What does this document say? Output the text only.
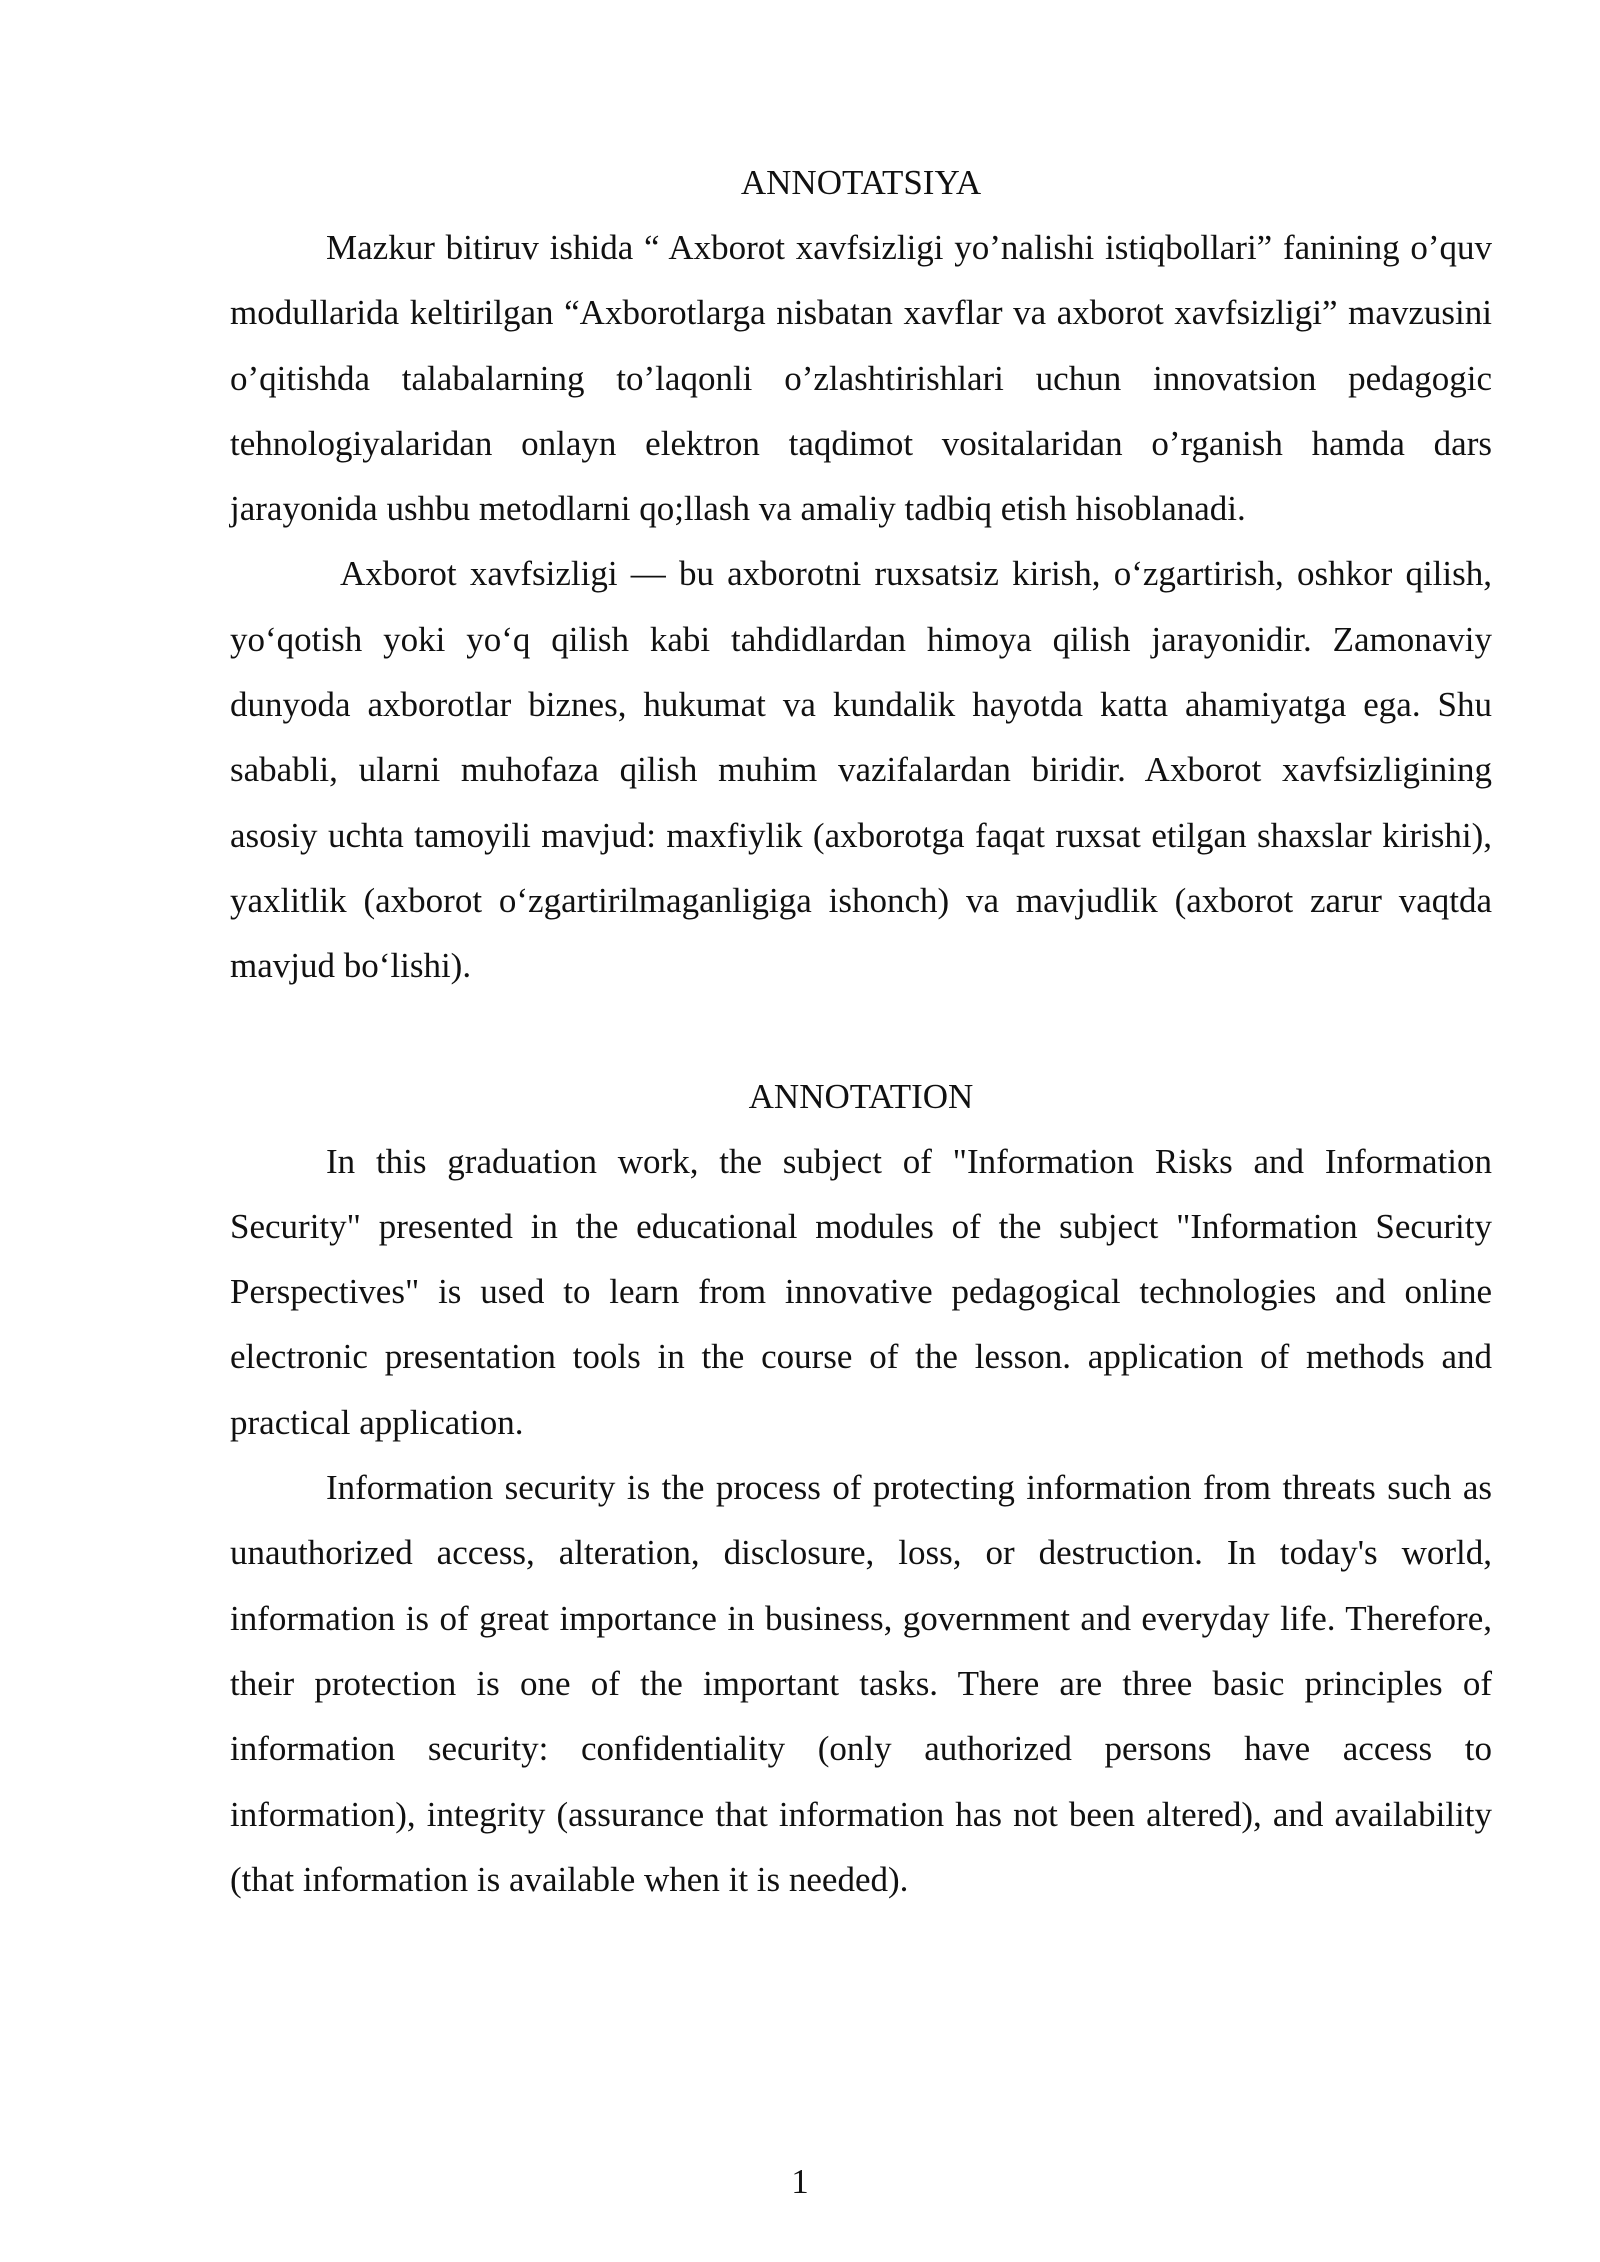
ANNOTATSIYA

Mazkur bitiruv ishida “ Axborot xavfsizligi yo’nalishi istiqbollari” fanining o’quv modullarida keltirilgan “Axborotlarga nisbatan xavflar va axborot xavfsizligi” mavzusini o’qitishda talabalarning to’laqonli o’zlashtirishlari uchun innovatsion pedagogic tehnologiyalaridan onlayn elektron taqdimot vositalaridan o’rganish hamda dars jarayonida ushbu metodlarni qo;llash va amaliy tadbiq etish hisoblanadi.

Axborot xavfsizligi — bu axborotni ruxsatsiz kirish, oʻzgartirish, oshkor qilish, yoʻqotish yoki yoʻq qilish kabi tahdidlardan himoya qilish jarayonidir. Zamonaviy dunyoda axborotlar biznes, hukumat va kundalik hayotda katta ahamiyatga ega. Shu sababli, ularni muhofaza qilish muhim vazifalardan biridir. Axborot xavfsizligining asosiy uchta tamoyili mavjud: maxfiylik (axborotga faqat ruxsat etilgan shaxslar kirishi), yaxlitlik (axborot oʻzgartirilmaganligiga ishonch) va mavjudlik (axborot zarur vaqtda mavjud boʻlishi).

ANNOTATION

In this graduation work, the subject of "Information Risks and Information Security" presented in the educational modules of the subject "Information Security Perspectives" is used to learn from innovative pedagogical technologies and online electronic presentation tools in the course of the lesson. application of methods and practical application.

Information security is the process of protecting information from threats such as unauthorized access, alteration, disclosure, loss, or destruction. In today's world, information is of great importance in business, government and everyday life. Therefore, their protection is one of the important tasks. There are three basic principles of information security: confidentiality (only authorized persons have access to information), integrity (assurance that information has not been altered), and availability (that information is available when it is needed).

1
